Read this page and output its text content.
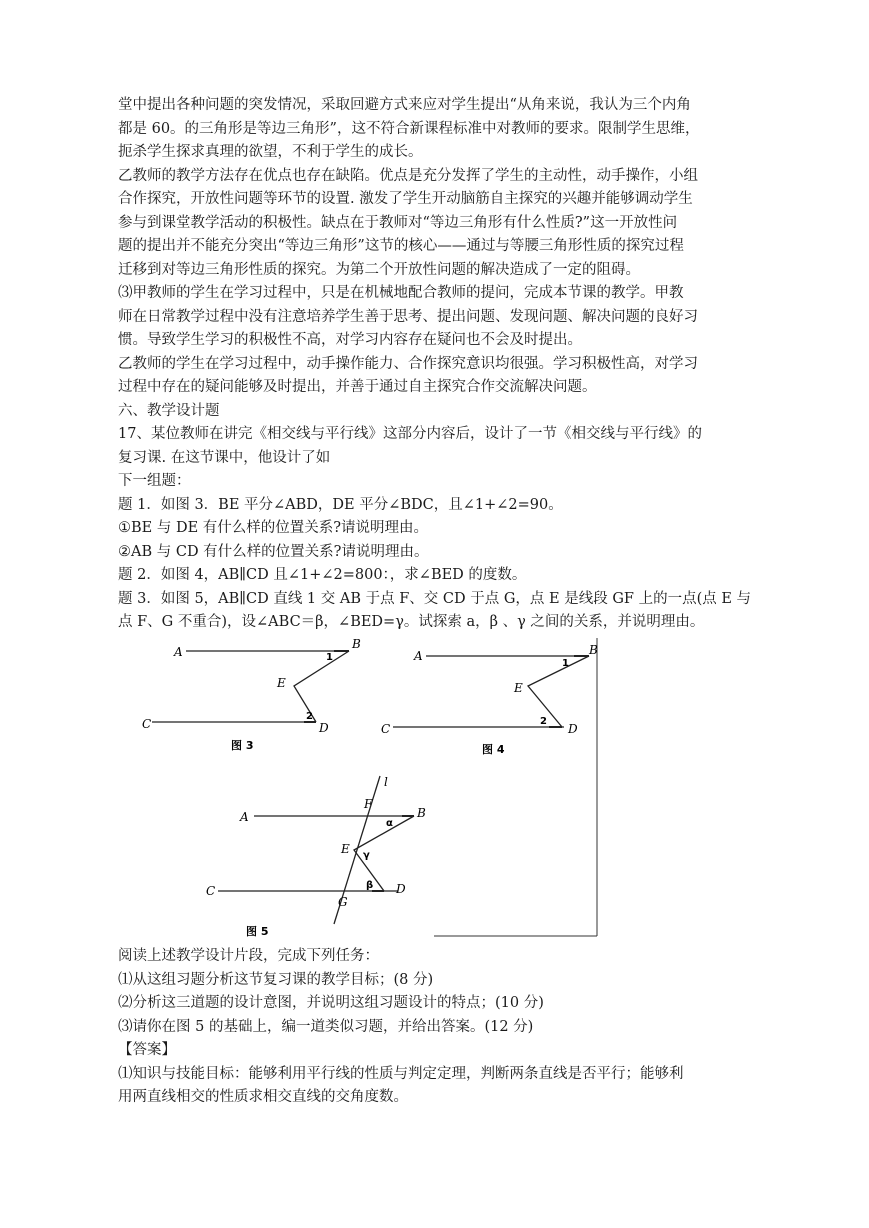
堂中提出各种问题的突发情况，采取回避方式来应对学生提出“从角来说，我认为三个内角
都是 60。的三角形是等边三角形”，这不符合新课程标准中对教师的要求。限制学生思维，
扼杀学生探求真理的欲望，不利于学生的成长。
乙教师的教学方法存在优点也存在缺陷。优点是充分发挥了学生的主动性，动手操作，小组
合作探究，开放性问题等环节的设置. 激发了学生开动脑筋自主探究的兴趣并能够调动学生
参与到课堂教学活动的积极性。缺点在于教师对“等边三角形有什么性质?”这一开放性问
题的提出并不能充分突出“等边三角形”这节的核心——通过与等腰三角形性质的探究过程
迁移到对等边三角形性质的探究。为第二个开放性问题的解决造成了一定的阻碍。
⑶甲教师的学生在学习过程中，只是在机械地配合教师的提问，完成本节课的教学。甲教
师在日常教学过程中没有注意培养学生善于思考、提出问题、发现问题、解决问题的良好习
惯。导致学生学习的积极性不高，对学习内容存在疑问也不会及时提出。
乙教师的学生在学习过程中，动手操作能力、合作探究意识均很强。学习积极性高，对学习
过程中存在的疑问能够及时提出，并善于通过自主探究合作交流解决问题。
六、教学设计题
17、某位教师在讲完《相交线与平行线》这部分内容后，设计了一节《相交线与平行线》的
复习课. 在这节课中，他设计了如
下一组题：
题 1．如图 3．BE 平分∠ABD，DE 平分∠BDC，且∠1+∠2=90。
①BE 与 DE 有什么样的位置关系?请说明理由。
②AB 与 CD 有什么样的位置关系?请说明理由。
题 2．如图 4，AB∥CD 且∠1+∠2=800：，求∠BED 的度数。
题 3．如图 5，AB∥CD 直线 1 交 AB 于点 F、交 CD 于点 G，点 E 是线段 GF 上的一点(点 E 与
点 F、G 不重合)，设∠ABC＝β，∠BED=γ。试探索 a，β 、γ 之间的关系，并说明理由。
A
B
C	D
E
1
2
图 3
A	B
C	D
E
1
2
图 4
l
F
A	B
E
C	D
G
α
γ
β
图 5
阅读上述教学设计片段，完成下列任务：
⑴从这组习题分析这节复习课的教学目标；(8 分)
⑵分析这三道题的设计意图，并说明这组习题设计的特点；(10 分)
⑶请你在图 5 的基础上，编一道类似习题，并给出答案。(12 分)
【答案】
⑴知识与技能目标：能够利用平行线的性质与判定定理，判断两条直线是否平行；能够利
用两直线相交的性质求相交直线的交角度数。
